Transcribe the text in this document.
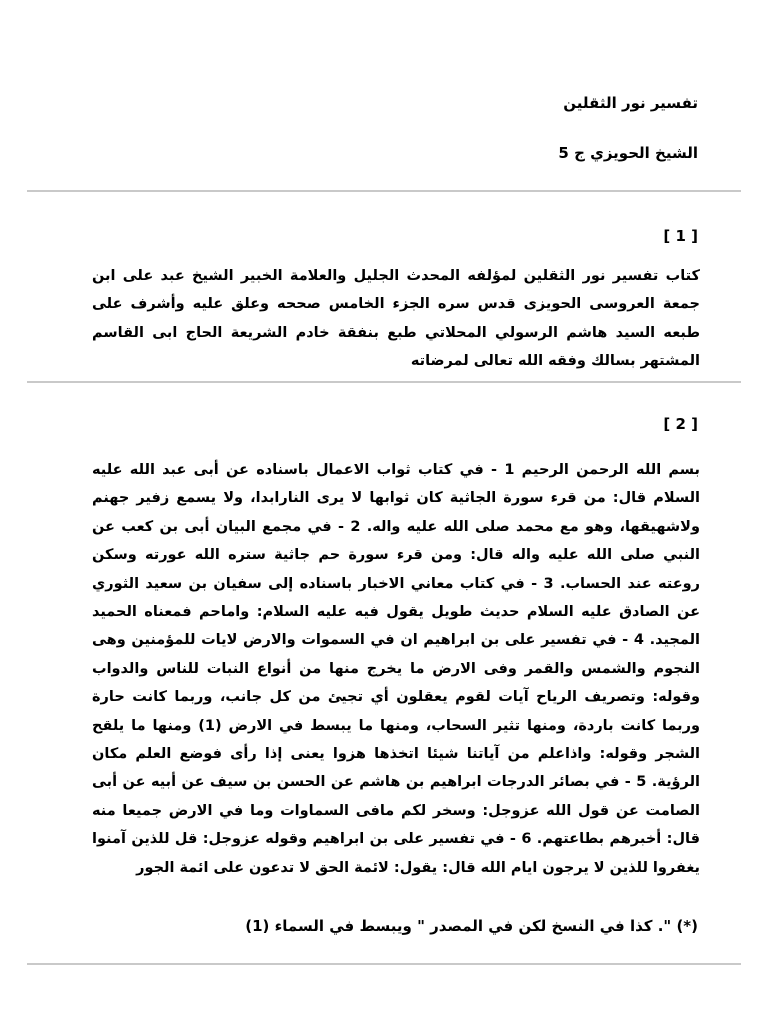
تفسير نور الثقلين
الشيخ الحويزي ج 5
[ 1 ]
كتاب تفسير نور الثقلين لمؤلفه المحدث الجليل والعلامة الخبير الشيخ عبد على ابن جمعة العروسى الحويزى قدس سره الجزء الخامس صححه وعلق عليه وأشرف على طبعه السيد هاشم الرسولي المحلاتي طبع بنفقة خادم الشريعة الحاج ابى القاسم المشتهر بسالك وفقه الله تعالى لمرضاته
[ 2 ]
بسم الله الرحمن الرحيم 1 - في كتاب ثواب الاعمال باسناده عن أبى عبد الله عليه السلام قال: من قرء سورة الجاثية كان ثوابها لا يرى النارابدا، ولا يسمع زفير جهنم ولاشهيقها، وهو مع محمد صلى الله عليه واله. 2 - في مجمع البيان أبى بن كعب عن النبي صلى الله عليه واله قال: ومن قرء سورة حم جاثية ستره الله عورته وسكن روعته عند الحساب. 3 - في كتاب معاني الاخبار باسناده إلى سفيان بن سعيد الثوري عن الصادق عليه السلام حديث طويل يقول فيه عليه السلام: واماحم فمعناه الحميد المجيد. 4 - في تفسير على بن ابراهيم ان في السموات والارض لايات للمؤمنين وهى النجوم والشمس والقمر وفى الارض ما يخرج منها من أنواع النبات للناس والدواب وقوله: وتصريف الرياح آيات لقوم يعقلون أي تجيئ من كل جانب، وربما كانت حارة وربما كانت باردة، ومنها تثير السحاب، ومنها ما يبسط في الارض (1) ومنها ما يلقح الشجر وقوله: واذاعلم من آياتنا شيئا اتخذها هزوا يعنى إذا رأى فوضع العلم مكان الرؤية. 5 - في بصائر الدرجات ابراهيم بن هاشم عن الحسن بن سيف عن أبيه عن أبى الصامت عن قول الله عزوجل: وسخر لكم مافى السماوات وما في الارض جميعا منه قال: أخبرهم بطاعتهم. 6 - في تفسير على بن ابراهيم وقوله عزوجل: قل للذين آمنوا يغفروا للذين لا يرجون ايام الله قال: يقول: لائمة الحق لا تدعون على ائمة الجور
(*) ". كذا في النسخ لكن في المصدر " ويبسط في السماء (1)
